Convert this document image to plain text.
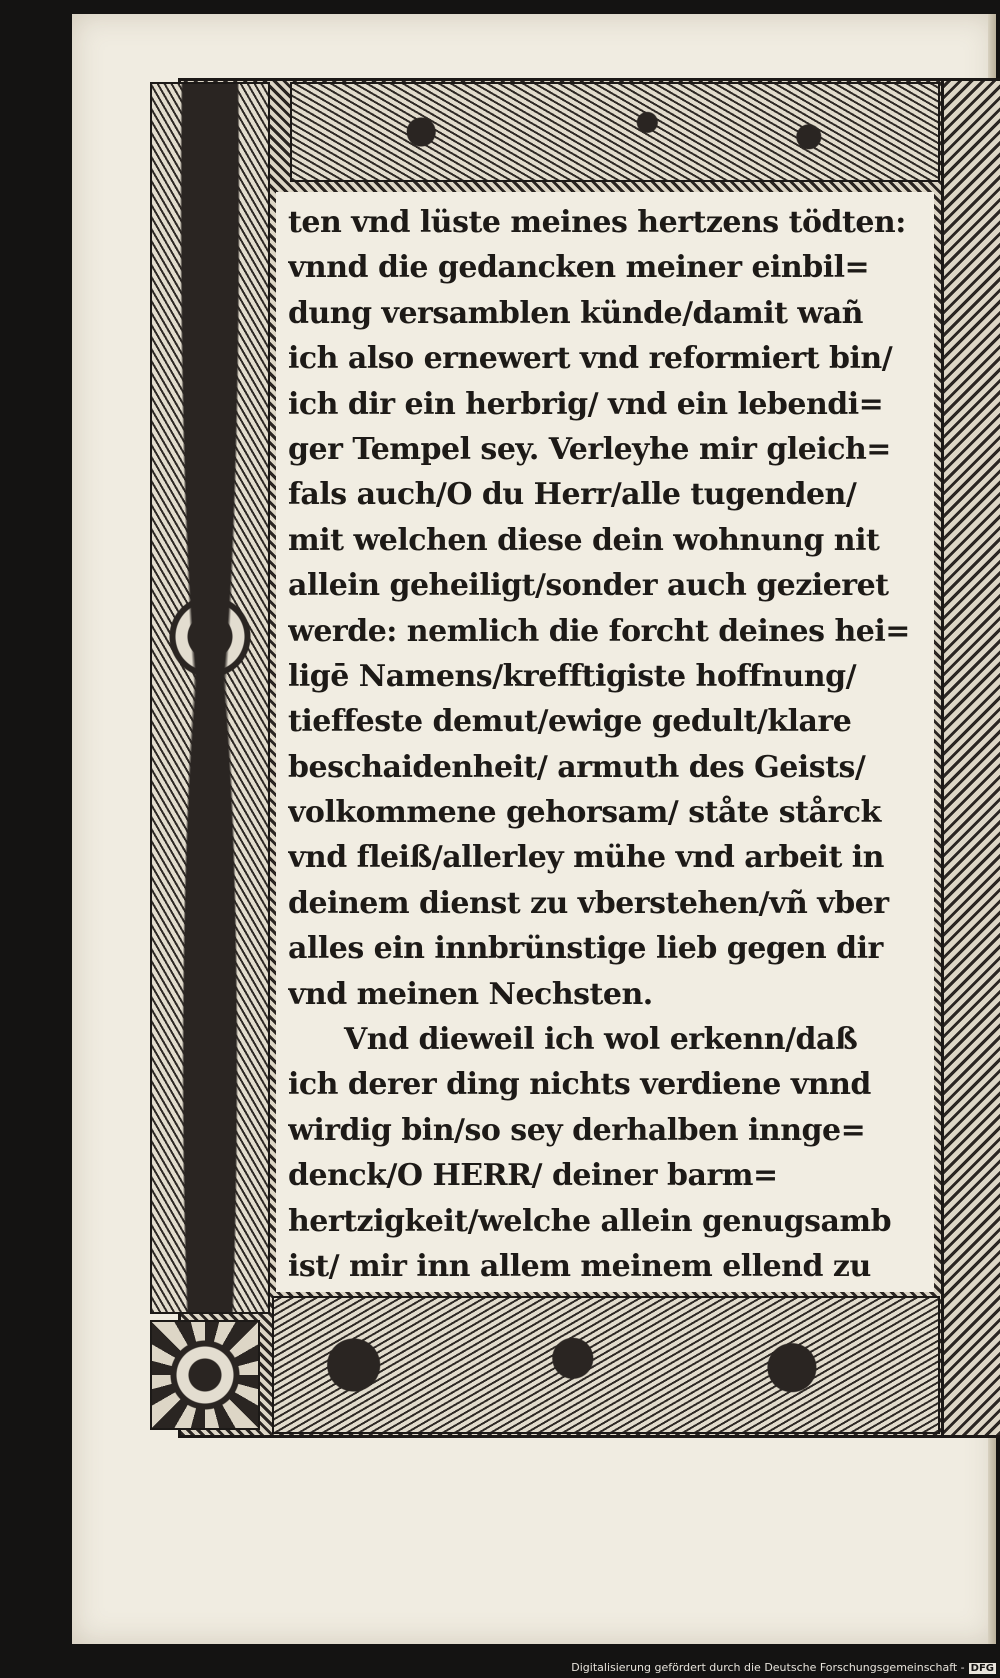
ten vnd lüste meines hertzens tödten:
vnnd die gedancken meiner einbil=
dung versamblen künde/damit wañ
ich also ernewert vnd reformiert bin/
ich dir ein herbrig/ vnd ein lebendi=
ger Tempel sey. Verleyhe mir gleich=
fals auch/O du Herr/alle tugenden/
mit welchen diese dein wohnung nit
allein geheiligt/sonder auch gezieret
werde: nemlich die forcht deines hei=
ligē Namens/krefftigiste hoffnung/
tieffeste demut/ewige gedult/klare
beschaidenheit/ armuth des Geists/
volkommene gehorsam/ ståte stårck
vnd fleiß/allerley mühe vnd arbeit in
deinem dienst zu vberstehen/vñ vber
alles ein innbrünstige lieb gegen dir
vnd meinen Nechsten.
Vnd dieweil ich wol erkenn/daß
ich derer ding nichts verdiene vnnd
wirdig bin/so sey derhalben innge=
denck/O HERR/ deiner barm=
hertzigkeit/welche allein genugsamb
ist/ mir inn allem meinem ellend zu
Digitalisierung gefördert durch die Deutsche Forschungsgemeinschaft - DFG
